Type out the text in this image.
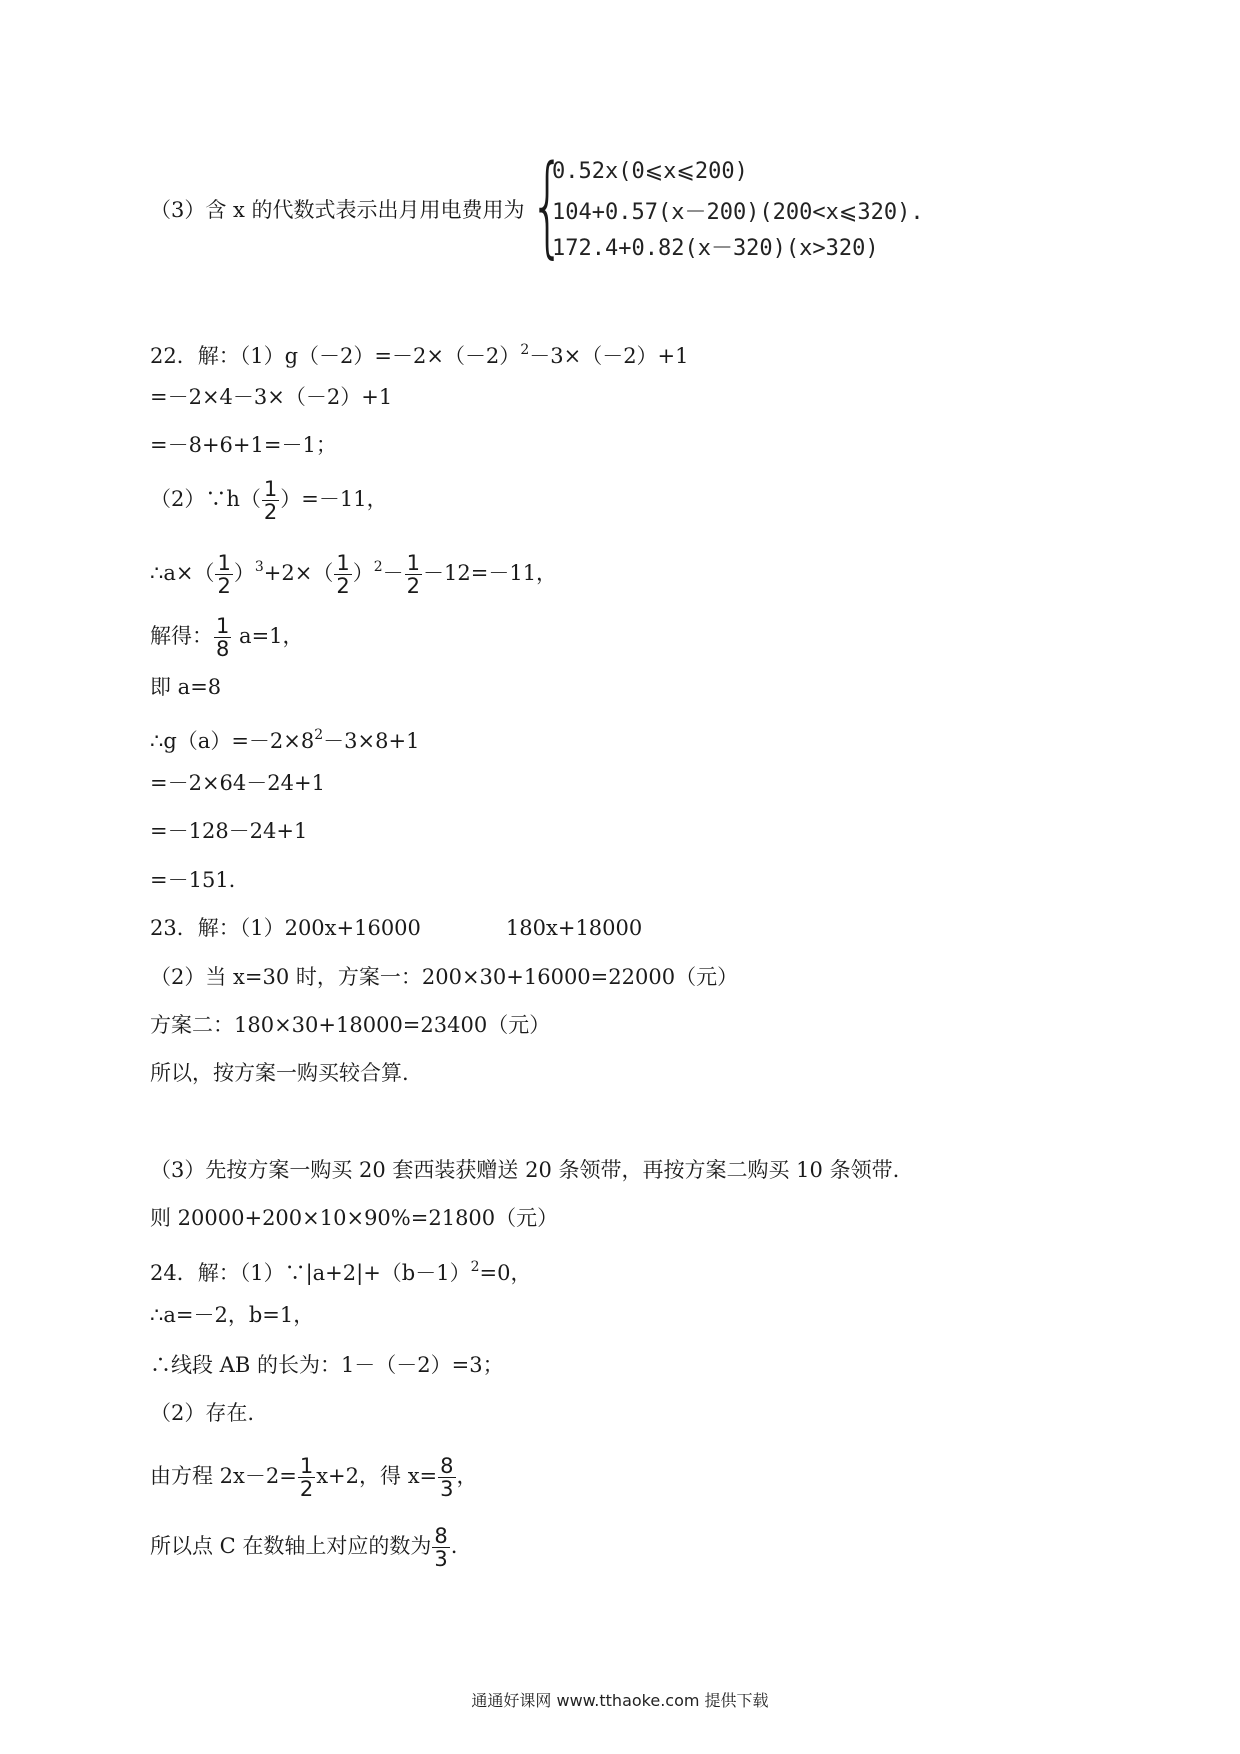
（3）含 x 的代数式表示出月用电费用为 {
0.52x(0⩽x⩽200)
104+0.57(x－200)(200<x⩽320).
172.4+0.82(x－320)(x>320)
22．解：$(1)g(-2)=-2\times(-2)^2-3\times(-2)+1$
=－2×4－3×（－2）+1
=－8+6+1=－1；
（2）∵h（ $\frac{1}{2} )=-11$，
∴a×（ $\frac{1}{2} )^3+2\times( \frac{1}{2} )^2- \frac{1}{2} -12=-11$，
解得： $\frac{1}{8} a=1$，
即 a=8
$\therefore g(a)=-2\times 8^2-3\times 8+1$
=－2×64－24+1
=－128－24+1
=－151.
23．解：（1）200x+16000	180x+18000
（2）当 x=30 时，方案一：200×30+16000=22000（元）
方案二：180×30+18000=23400（元）
所以，按方案一购买较合算.
（3）先按方案一购买 20 套西装获赠送 20 条领带，再按方案二购买 10 条领带.
则 20000+200×10×90%=21800（元）
24．解：$(1)\because|a+2|+(b-1)^2=0$，
∴a=－2，b=1，
∴线段 AB 的长为：1－（－2）=3；
（2）存在.
由方程 $2x-2= \frac{1}{2} x+2$，得 $x= \frac{8}{3}$ ，
所以点 C 在数轴上对应的数为 $\frac{8}{3}$ .
通通好课网 www.tthaoke.com 提供下载
